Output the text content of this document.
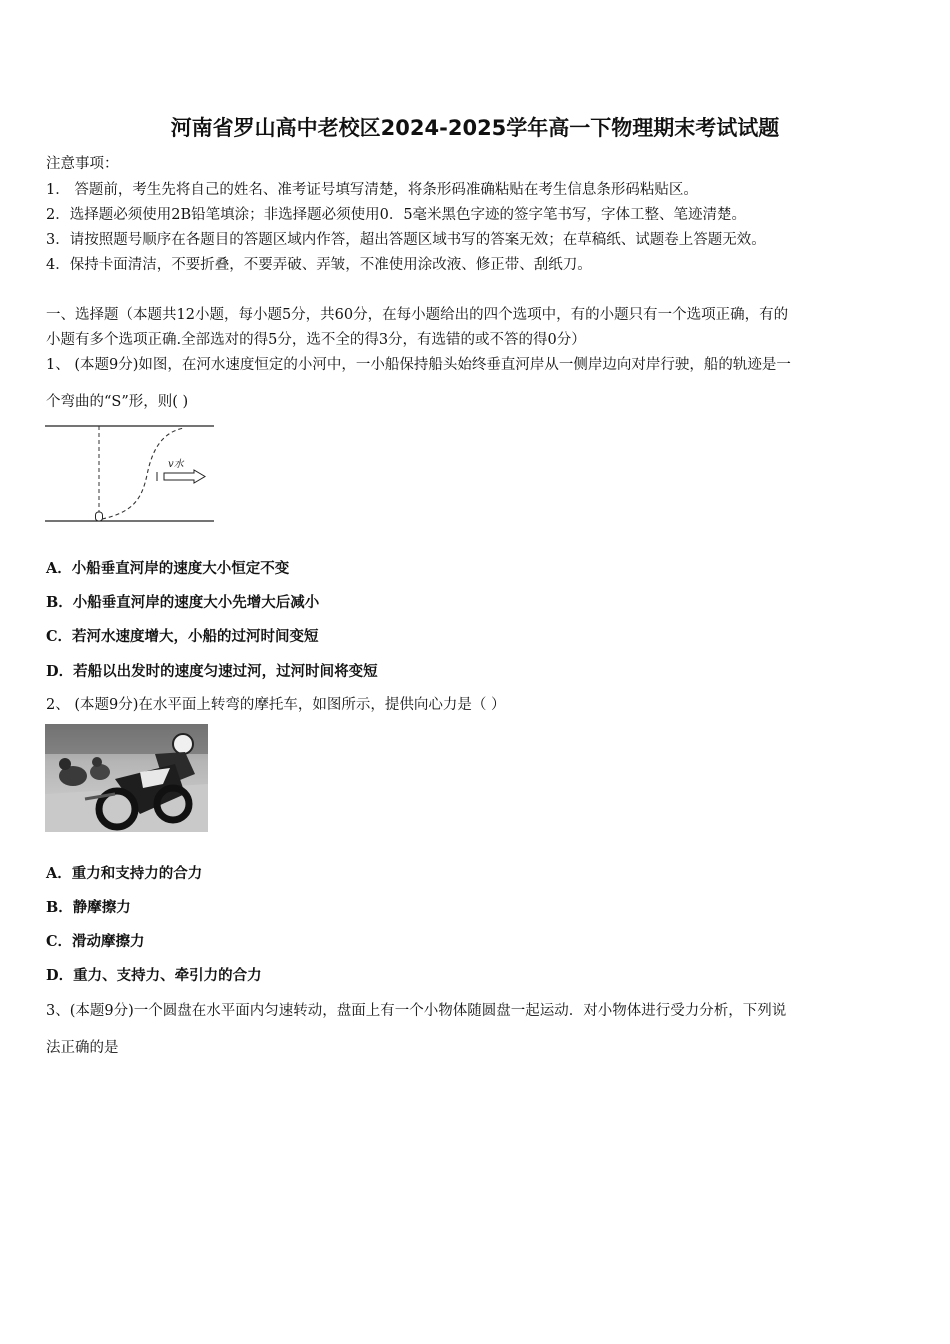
河南省罗山高中老校区2024-2025学年高一下物理期末考试试题
注意事项：
1． 答题前，考生先将自己的姓名、准考证号填写清楚，将条形码准确粘贴在考生信息条形码粘贴区。
2．选择题必须使用2B铅笔填涂；非选择题必须使用0．5毫米黑色字迹的签字笔书写，字体工整、笔迹清楚。
3．请按照题号顺序在各题目的答题区域内作答，超出答题区域书写的答案无效；在草稿纸、试题卷上答题无效。
4．保持卡面清洁，不要折叠，不要弄破、弄皱，不准使用涂改液、修正带、刮纸刀。
一、选择题（本题共12小题，每小题5分，共60分，在每小题给出的四个选项中，有的小题只有一个选项正确，有的
小题有多个选项正确.全部选对的得5分，选不全的得3分，有选错的或不答的得0分）
1、 (本题9分)如图，在河水速度恒定的小河中，一小船保持船头始终垂直河岸从一侧岸边向对岸行驶，船的轨迹是一
个弯曲的“S”形，则( )
v水
A．小船垂直河岸的速度大小恒定不变
B．小船垂直河岸的速度大小先增大后减小
C．若河水速度增大，小船的过河时间变短
D．若船以出发时的速度匀速过河，过河时间将变短
2、 (本题9分)在水平面上转弯的摩托车，如图所示，提供向心力是（ ）
A．重力和支持力的合力
B．静摩擦力
C．滑动摩擦力
D．重力、支持力、牵引力的合力
3、(本题9分)一个圆盘在水平面内匀速转动，盘面上有一个小物体随圆盘一起运动．对小物体进行受力分析，下列说
法正确的是
